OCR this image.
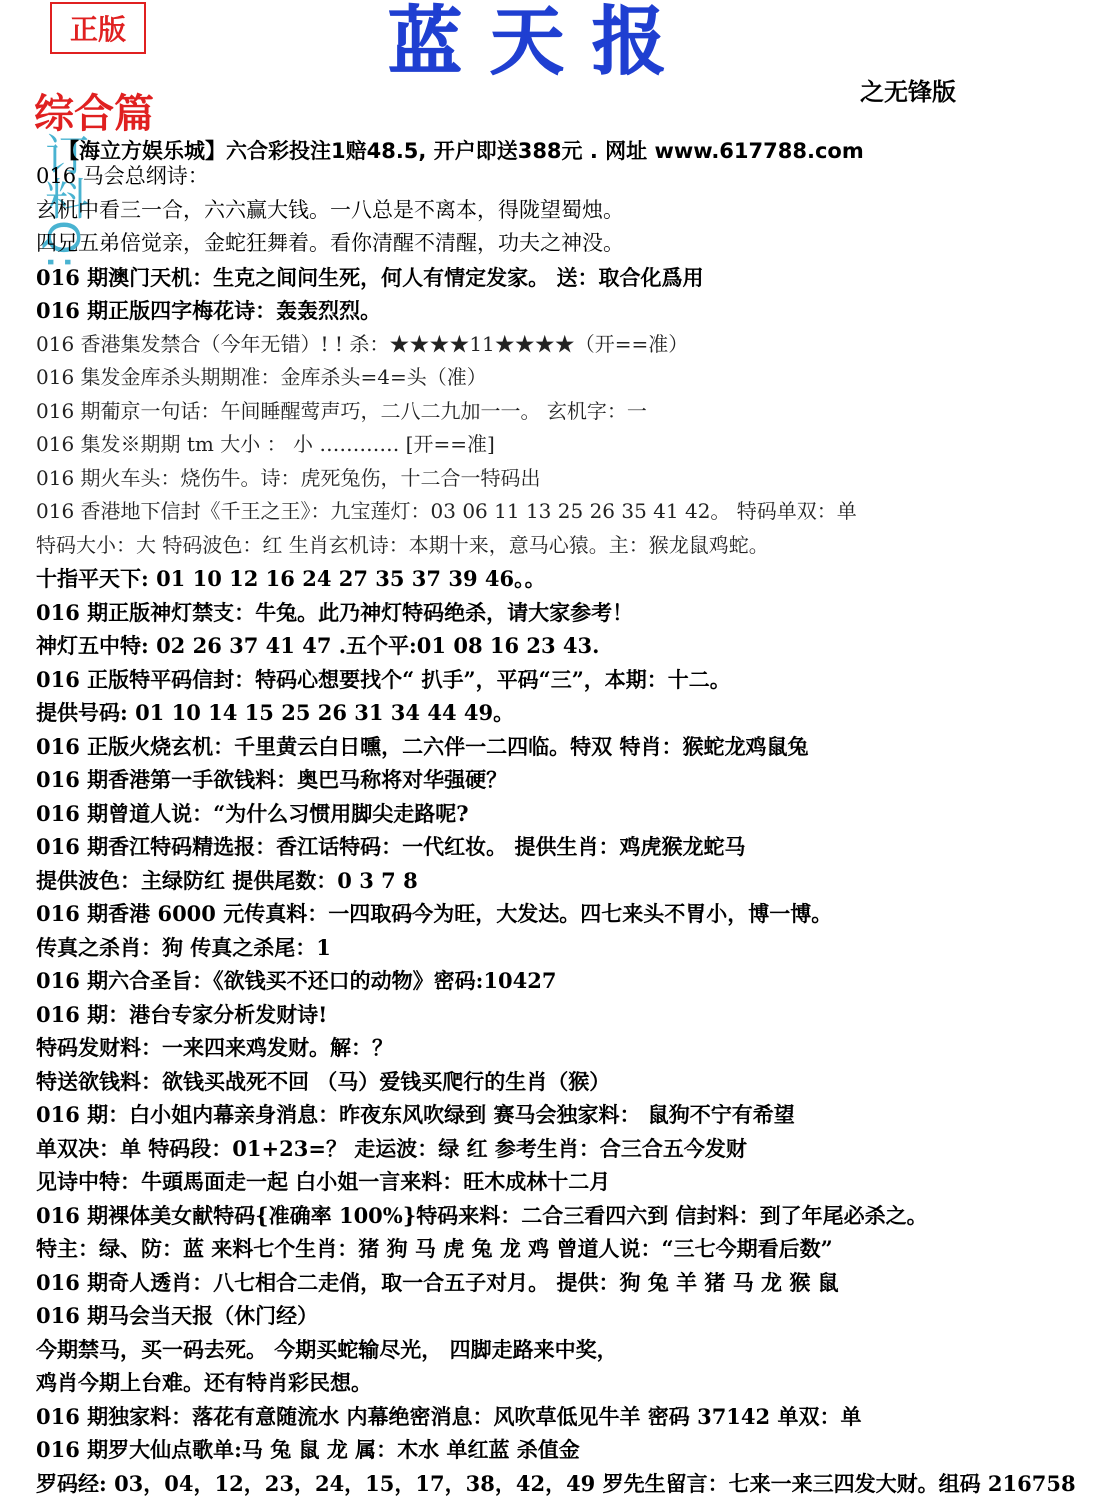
正版	蓝天报
之无锋版
综合篇
订料Q:
【海立方娱乐城】六合彩投注1赔48.5, 开户即送388元 . 网址 www.617788.com
016 马会总纲诗：
玄机中看三一合，六六赢大钱。一八总是不离本，得陇望蜀烛。
四兄五弟倍觉亲，金蛇狂舞着。看你清醒不清醒，功夫之神没。
016 期澳门天机：生克之间问生死，何人有情定发家。 送：取合化爲用
016 期正版四字梅花诗：轰轰烈烈。
016 香港集发禁合（今年无错）! ! 杀：★★★★11★★★★（开==准）
016 集发金库杀头期期准：金库杀头=4=头（准）
016 期葡京一句话：午间睡醒莺声巧，二八二九加一一。 玄机字：一
016 集发※期期 tm 大小 ： 小 ………… [开==准]
016 期火车头：烧伤牛。诗：虎死兔伤，十二合一特码出
016 香港地下信封《千王之王》：九宝莲灯：03 06 11 13 25 26 35 41 42。 特码单双：单
特码大小：大 特码波色：红 生肖玄机诗：本期十来，意马心猿。主：猴龙鼠鸡蛇。
十指平天下: 01 10 12 16 24 27 35 37 39 46。。
016 期正版神灯禁支：牛兔。此乃神灯特码绝杀，请大家参考！
神灯五中特: 02 26 37 41 47 .五个平:01 08 16 23 43.
016 正版特平码信封：特码心想要找个“ 扒手”，平码“三”，本期：十二。
提供号码: 01 10 14 15 25 26 31 34 44 49。
016 正版火烧玄机：千里黄云白日曛，二六伴一二四临。特双 特肖：猴蛇龙鸡鼠兔
016 期香港第一手欲钱料：奥巴马称将对华强硬？
016 期曾道人说：“为什么习惯用脚尖走路呢?
016 期香江特码精选报：香江话特码：一代红妆。 提供生肖：鸡虎猴龙蛇马
提供波色：主绿防红 提供尾数：0 3 7 8
016 期香港 6000 元传真料：一四取码今为旺，大发达。四七来头不胃小，博一博。
传真之杀肖：狗 传真之杀尾：1
016 期六合圣旨：《欲钱买不还口的动物》密码:10427
016 期：港台专家分析发财诗!
特码发财料：一来四来鸡发财。解：？
特送欲钱料：欲钱买战死不回 （马）爱钱买爬行的生肖（猴）
016 期：白小姐内幕亲身消息：昨夜东风吹绿到 赛马会独家料： 鼠狗不宁有希望
单双决：单 特码段：01+23=？ 走运波：绿 红 参考生肖：合三合五今发财
见诗中特：牛頭馬面走一起 白小姐一言来料：旺木成林十二月
016 期裸体美女献特码{准确率 100%}特码来料：二合三看四六到 信封料：到了年尾必杀之。
特主：绿、防：蓝 来料七个生肖：猪 狗 马 虎 兔 龙 鸡 曾道人说：“三七今期看后数”
016 期奇人透肖：八七相合二走俏，取一合五子对月。 提供：狗 兔 羊 猪 马 龙 猴 鼠
016 期马会当天报（休门经）
今期禁马，买一码去死。 今期买蛇输尽光， 四脚走路来中奖，
鸡肖今期上台难。还有特肖彩民想。
016 期独家料：落花有意随流水 内幕绝密消息：风吹草低见牛羊 密码 37142 单双：单
016 期罗大仙点歌单:马 兔 鼠 龙 属：木水 单红蓝 杀值金
罗码经: 03，04，12，23，24，15，17，38，42，49 罗先生留言：七来一来三四发大财。组码 216758
